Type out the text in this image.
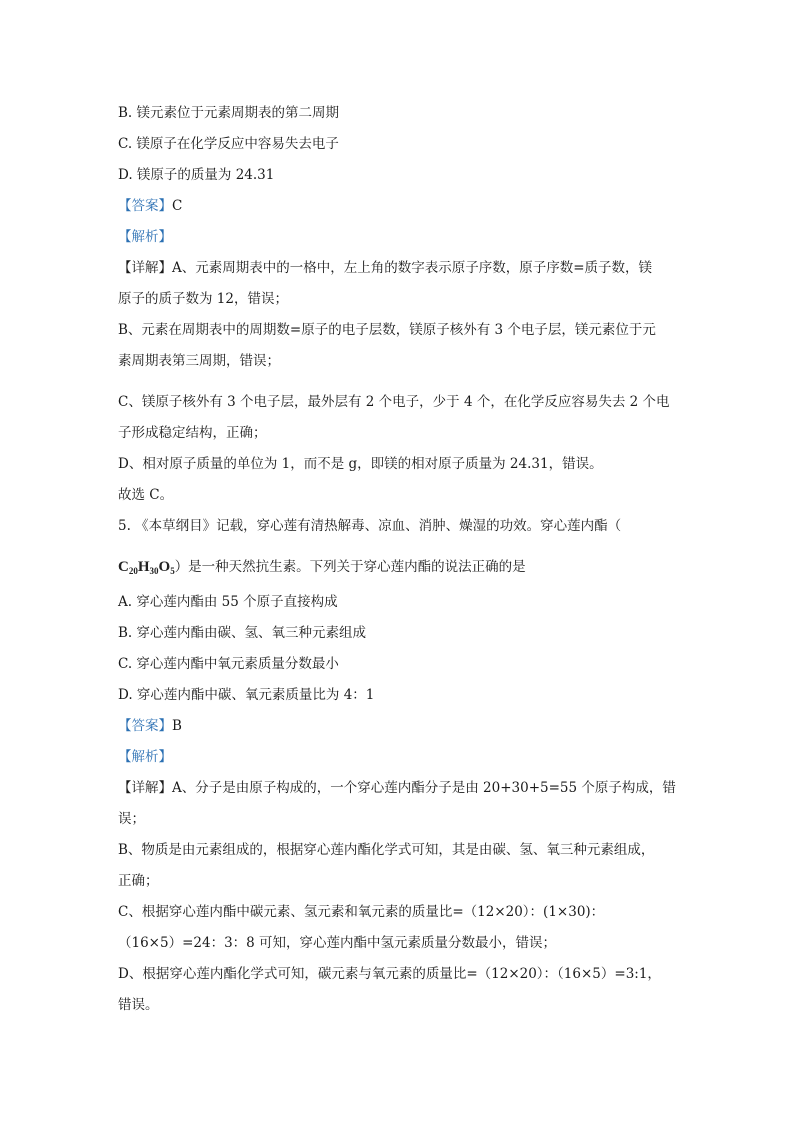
B. 镁元素位于元素周期表的第二周期
C. 镁原子在化学反应中容易失去电子
D. 镁原子的质量为 24.31
【答案】C
【解析】
【详解】A、元素周期表中的一格中，左上角的数字表示原子序数，原子序数=质子数，镁
原子的质子数为 12，错误；
B、元素在周期表中的周期数=原子的电子层数，镁原子核外有 3 个电子层，镁元素位于元
素周期表第三周期，错误；
C、镁原子核外有 3 个电子层，最外层有 2 个电子，少于 4 个，在化学反应容易失去 2 个电
子形成稳定结构，正确；
D、相对原子质量的单位为 1，而不是 g，即镁的相对原子质量为 24.31，错误。
故选 C。
5. 《本草纲目》记载，穿心莲有清热解毒、凉血、消肿、燥湿的功效。穿心莲内酯（
$C_{20}H_{30}O_5$）是一种天然抗生素。下列关于穿心莲内酯的说法正确的是
A. 穿心莲内酯由 55 个原子直接构成
B. 穿心莲内酯由碳、氢、氧三种元素组成
C. 穿心莲内酯中氧元素质量分数最小
D. 穿心莲内酯中碳、氧元素质量比为 4：1
【答案】B
【解析】
【详解】A、分子是由原子构成的，一个穿心莲内酯分子是由 20+30+5=55 个原子构成，错
误；
B、物质是由元素组成的，根据穿心莲内酯化学式可知，其是由碳、氢、氧三种元素组成，
正确；
C、根据穿心莲内酯中碳元素、氢元素和氧元素的质量比=（12×20）：(1×30)：
（16×5）=24：3：8 可知，穿心莲内酯中氢元素质量分数最小，错误；
D、根据穿心莲内酯化学式可知，碳元素与氧元素的质量比=（12×20）：（16×5）=3:1，
错误。
